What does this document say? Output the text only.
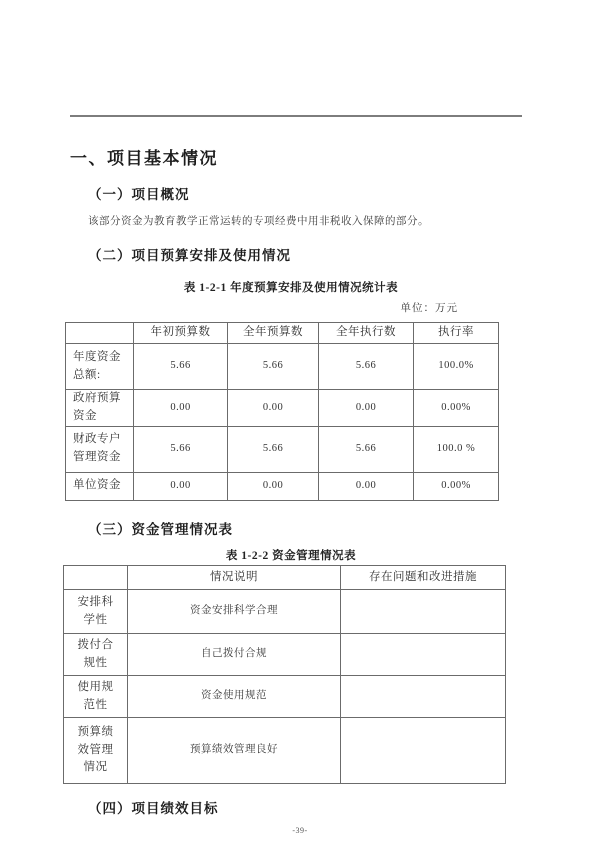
一、项目基本情况
（一）项目概况
该部分资金为教育教学正常运转的专项经费中用非税收入保障的部分。
（二）项目预算安排及使用情况
表 1-2-1 年度预算安排及使用情况统计表
单位：万元
	年初预算数	全年预算数	全年执行数	执行率
年度资金总额:	5.66	5.66	5.66	100.0%
政府预算资金	0.00	0.00	0.00	0.00%
财政专户管理资金	5.66	5.66	5.66	100.0 %
单位资金	0.00	0.00	0.00	0.00%
（三）资金管理情况表
表 1-2-2 资金管理情况表
	情况说明	存在问题和改进措施
安排科学性	资金安排科学合理	
拨付合规性	自己拨付合规	
使用规范性	资金使用规范	
预算绩效管理情况	预算绩效管理良好	
（四）项目绩效目标
-39-
